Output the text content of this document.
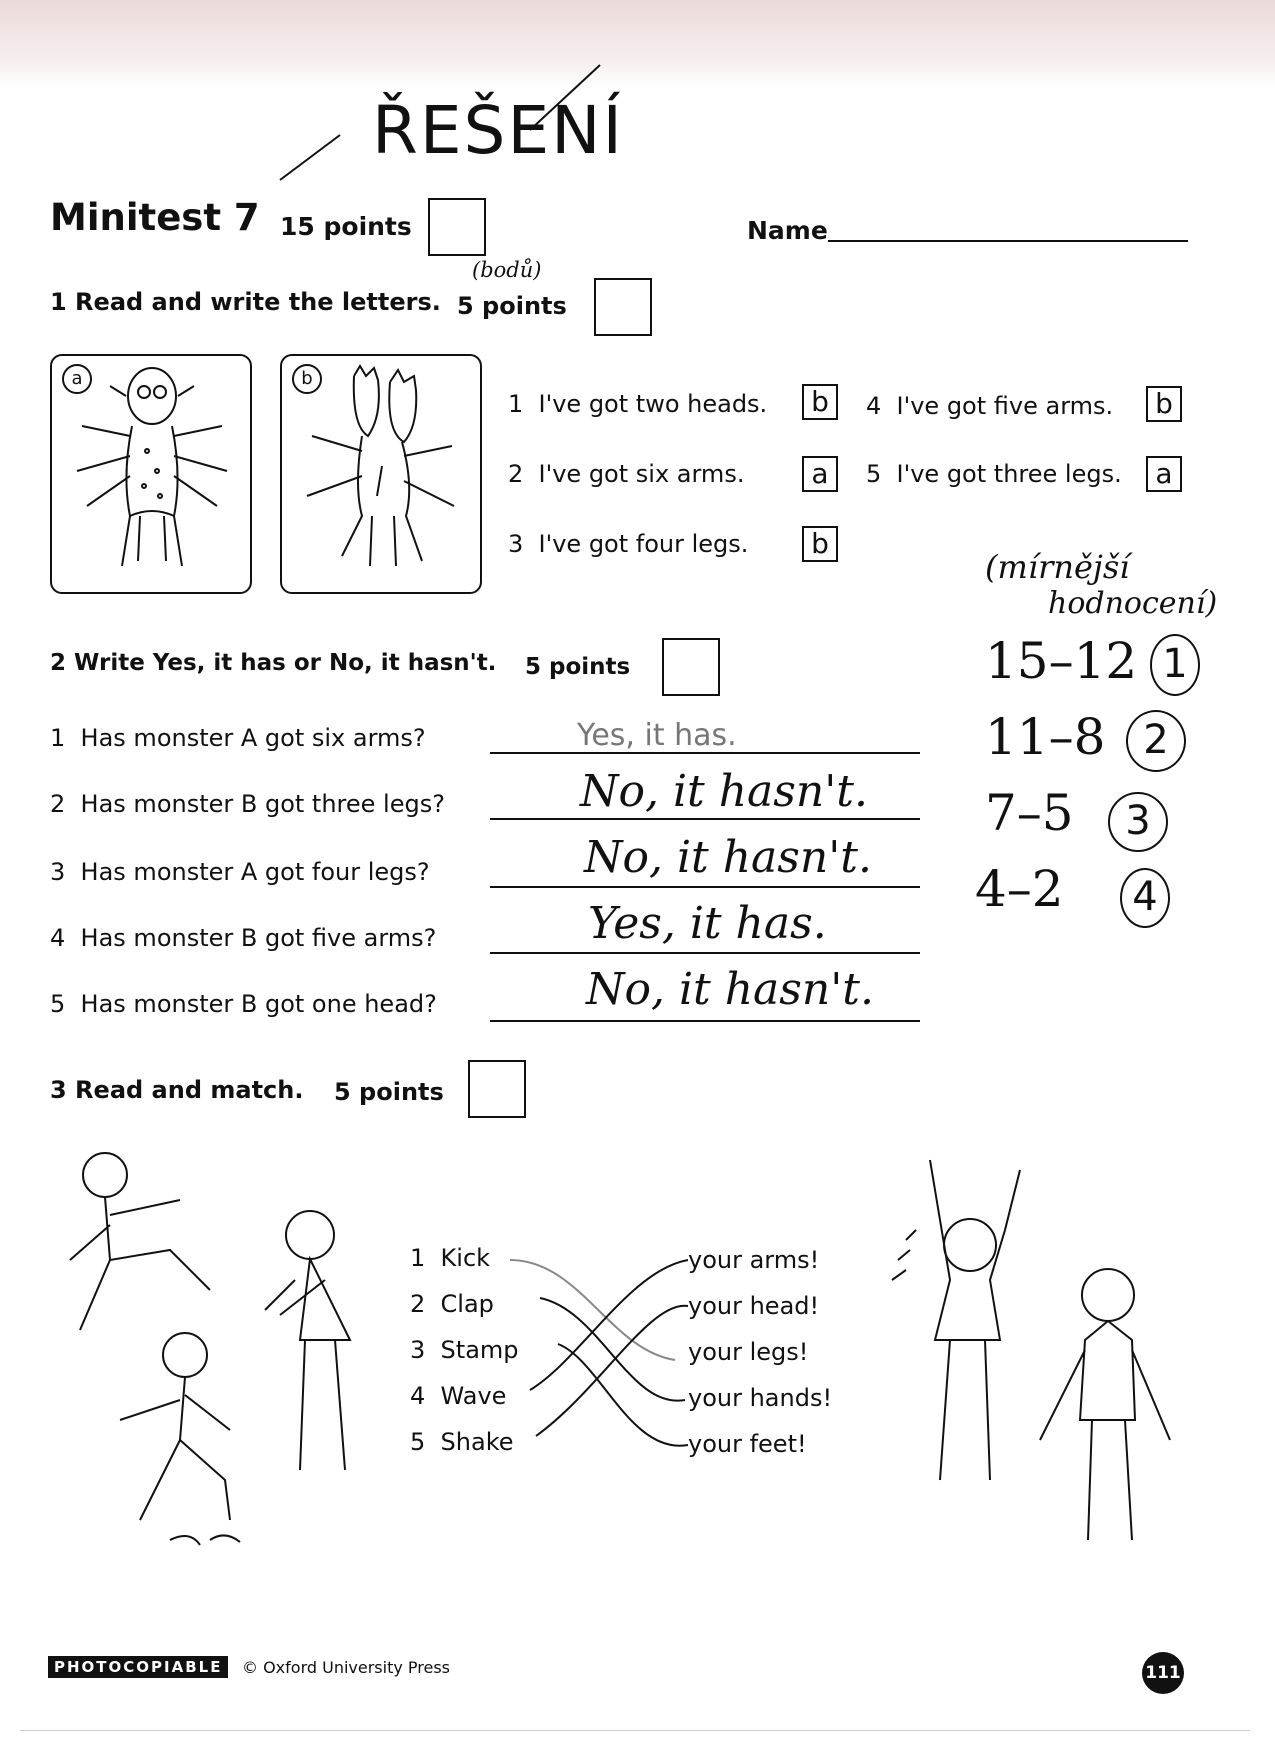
ŘEŠENÍ
Minitest 7 15 points	Name
1 Read and write the letters. 5 points
(bodů)
a	b
1 I've got two heads.	b
2 I've got six arms.	a
3 I've got four legs.	b
4 I've got five arms.	b
5 I've got three legs.	a
(mírnější
hodnocení)
15–12 1
11–8 2
7–5	3
4–2	4
2 Write Yes, it has or No, it hasn't. 5 points
1 Has monster A got six arms?	Yes, it has.
2 Has monster B got three legs?	No, it hasn't.
3 Has monster A got four legs?	No, it hasn't.
4 Has monster B got five arms?	Yes, it has.
5 Has monster B got one head?	No, it hasn't.
3 Read and match. 5 points
1 Kick
2 Clap
3 Stamp
4 Wave
5 Shake
your arms!
your head!
your legs!
your hands!
your feet!
PHOTOCOPIABLE	© Oxford University Press	111
